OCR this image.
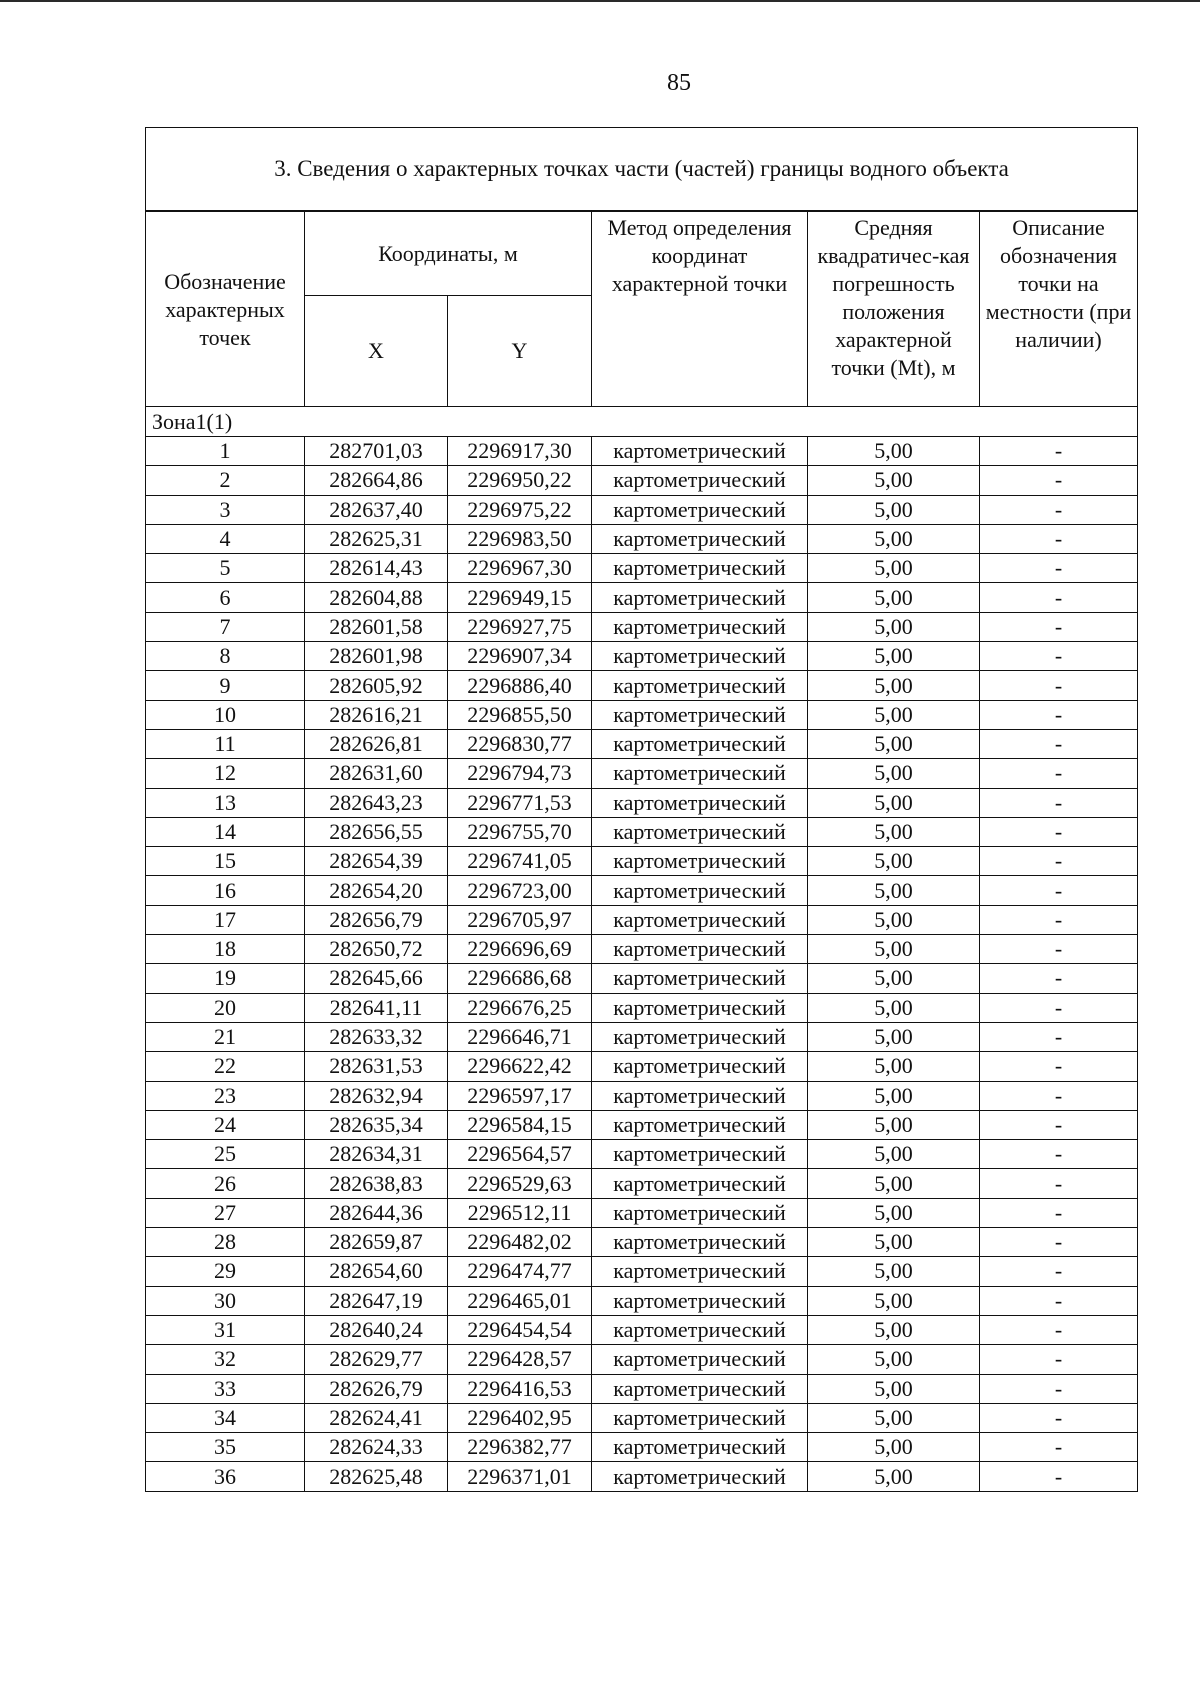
85
3. Сведения о характерных точках части (частей) границы водного объекта					
Обозначение характерных точек	Координаты, м		Метод определения координат характерной точки	Средняя квадратичес-кая погрешность положения характерной точки (Mt), м	Описание обозначения точки на местности (при наличии)
	X	Y			
Зона1(1)					
1	282701,03	2296917,30	картометрический	5,00	-
2	282664,86	2296950,22	картометрический	5,00	-
3	282637,40	2296975,22	картометрический	5,00	-
4	282625,31	2296983,50	картометрический	5,00	-
5	282614,43	2296967,30	картометрический	5,00	-
6	282604,88	2296949,15	картометрический	5,00	-
7	282601,58	2296927,75	картометрический	5,00	-
8	282601,98	2296907,34	картометрический	5,00	-
9	282605,92	2296886,40	картометрический	5,00	-
10	282616,21	2296855,50	картометрический	5,00	-
11	282626,81	2296830,77	картометрический	5,00	-
12	282631,60	2296794,73	картометрический	5,00	-
13	282643,23	2296771,53	картометрический	5,00	-
14	282656,55	2296755,70	картометрический	5,00	-
15	282654,39	2296741,05	картометрический	5,00	-
16	282654,20	2296723,00	картометрический	5,00	-
17	282656,79	2296705,97	картометрический	5,00	-
18	282650,72	2296696,69	картометрический	5,00	-
19	282645,66	2296686,68	картометрический	5,00	-
20	282641,11	2296676,25	картометрический	5,00	-
21	282633,32	2296646,71	картометрический	5,00	-
22	282631,53	2296622,42	картометрический	5,00	-
23	282632,94	2296597,17	картометрический	5,00	-
24	282635,34	2296584,15	картометрический	5,00	-
25	282634,31	2296564,57	картометрический	5,00	-
26	282638,83	2296529,63	картометрический	5,00	-
27	282644,36	2296512,11	картометрический	5,00	-
28	282659,87	2296482,02	картометрический	5,00	-
29	282654,60	2296474,77	картометрический	5,00	-
30	282647,19	2296465,01	картометрический	5,00	-
31	282640,24	2296454,54	картометрический	5,00	-
32	282629,77	2296428,57	картометрический	5,00	-
33	282626,79	2296416,53	картометрический	5,00	-
34	282624,41	2296402,95	картометрический	5,00	-
35	282624,33	2296382,77	картометрический	5,00	-
36	282625,48	2296371,01	картометрический	5,00	-
